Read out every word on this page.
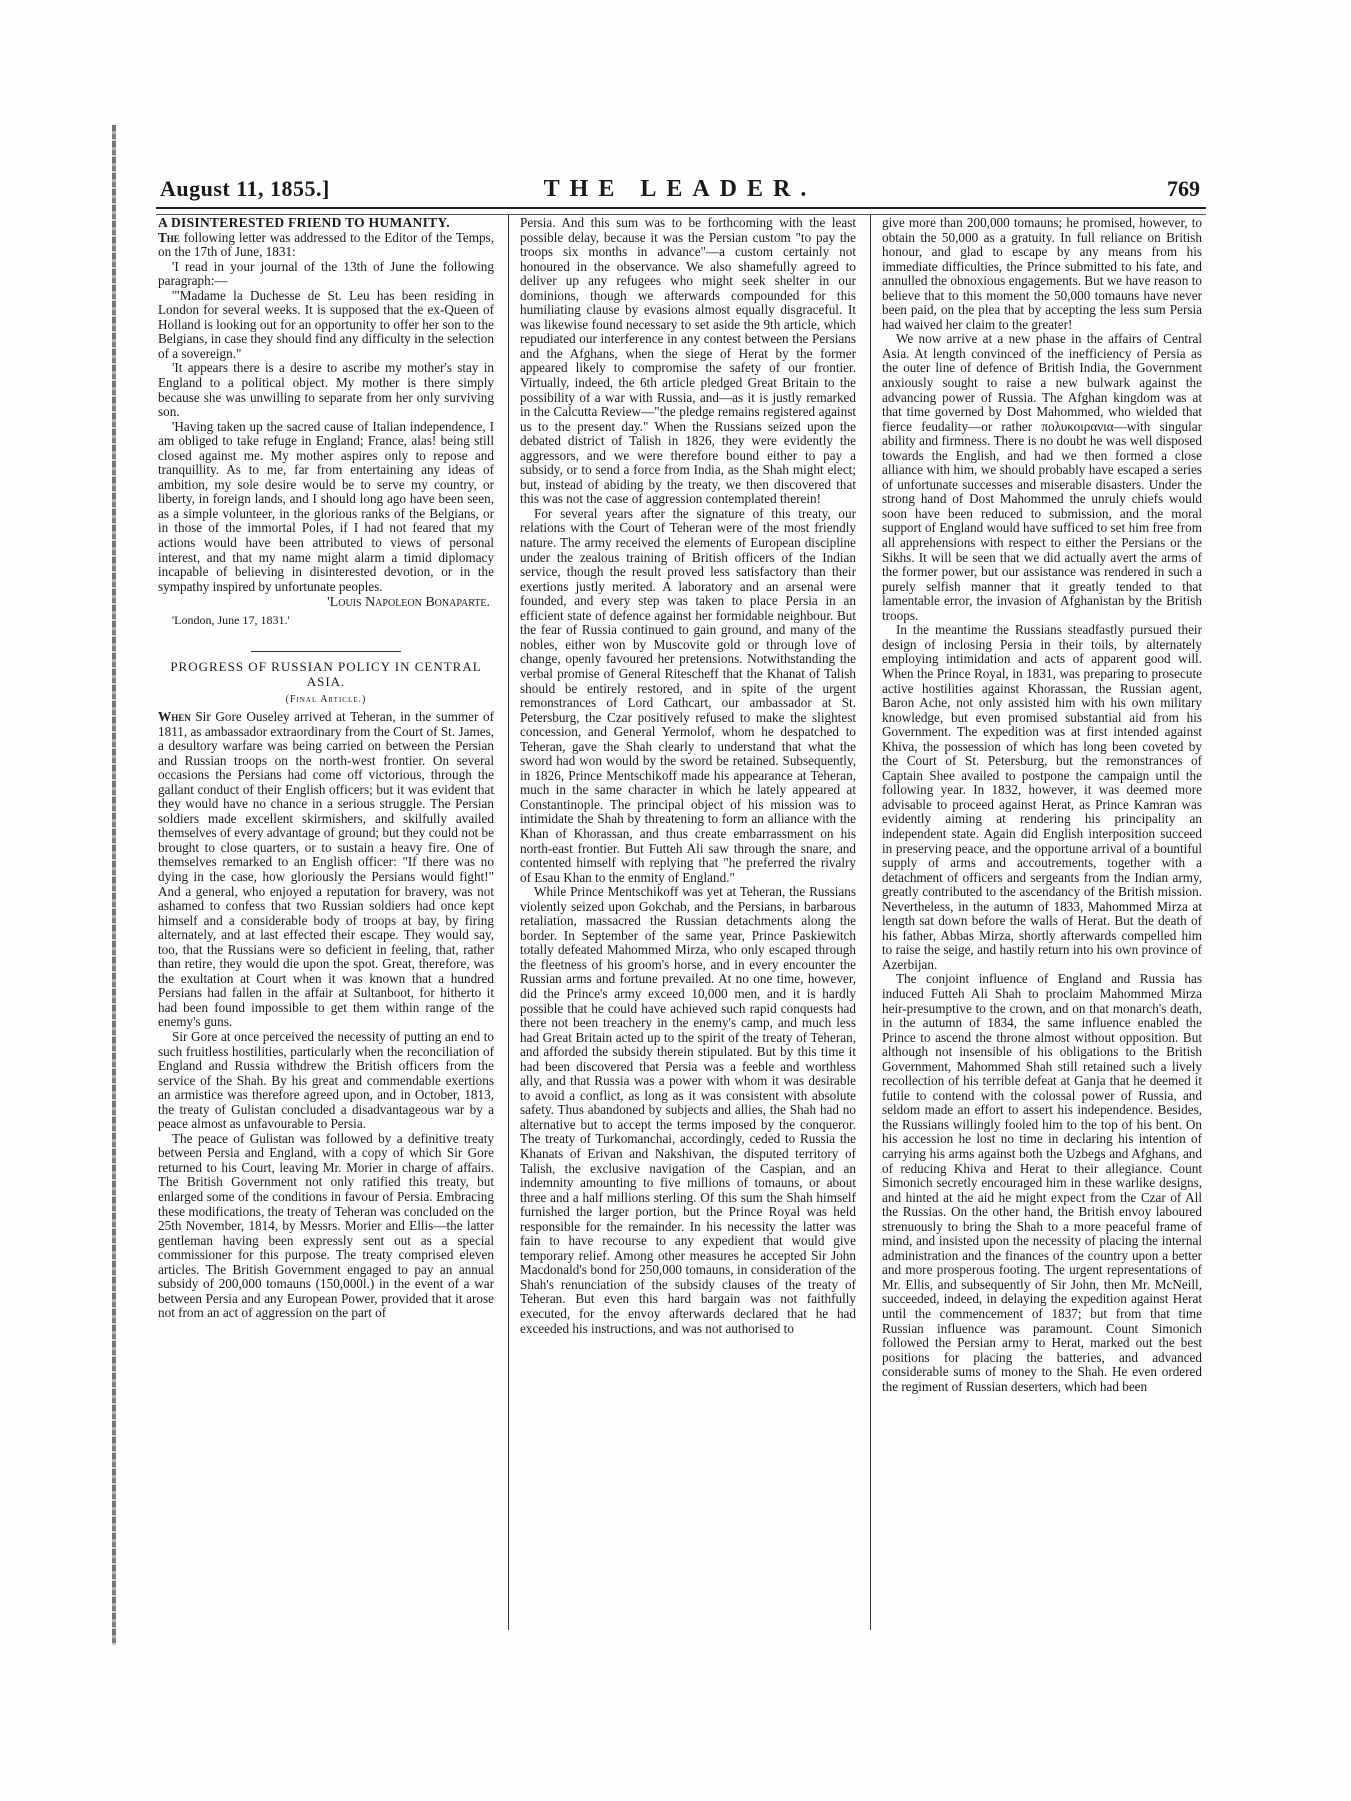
August 11, 1855.]	THE LEADER.	769

A DISINTERESTED FRIEND TO HUMANITY.

The following letter was addressed to the Editor of the Temps, on the 17th of June, 1831:

'I read in your journal of the 13th of June the following paragraph:—

'"Madame la Duchesse de St. Leu has been residing in London for several weeks. It is supposed that the ex-Queen of Holland is looking out for an opportunity to offer her son to the Belgians, in case they should find any difficulty in the selection of a sovereign."

'It appears there is a desire to ascribe my mother's stay in England to a political object. My mother is there simply because she was unwilling to separate from her only surviving son.

'Having taken up the sacred cause of Italian independence, I am obliged to take refuge in England; France, alas! being still closed against me. My mother aspires only to repose and tranquillity. As to me, far from entertaining any ideas of ambition, my sole desire would be to serve my country, or liberty, in foreign lands, and I should long ago have been seen, as a simple volunteer, in the glorious ranks of the Belgians, or in those of the immortal Poles, if I had not feared that my actions would have been attributed to views of personal interest, and that my name might alarm a timid diplomacy incapable of believing in disinterested devotion, or in the sympathy inspired by unfortunate peoples.

'Louis Napoleon Bonaparte.

'London, June 17, 1831.'

PROGRESS OF RUSSIAN POLICY IN CENTRAL ASIA.

(Final Article.)

When Sir Gore Ouseley arrived at Teheran, in the summer of 1811, as ambassador extraordinary from the Court of St. James, a desultory warfare was being carried on between the Persian and Russian troops on the north-west frontier. On several occasions the Persians had come off victorious, through the gallant conduct of their English officers; but it was evident that they would have no chance in a serious struggle. The Persian soldiers made excellent skirmishers, and skilfully availed themselves of every advantage of ground; but they could not be brought to close quarters, or to sustain a heavy fire. One of themselves remarked to an English officer: "If there was no dying in the case, how gloriously the Persians would fight!" And a general, who enjoyed a reputation for bravery, was not ashamed to confess that two Russian soldiers had once kept himself and a considerable body of troops at bay, by firing alternately, and at last effected their escape. They would say, too, that the Russians were so deficient in feeling, that, rather than retire, they would die upon the spot. Great, therefore, was the exultation at Court when it was known that a hundred Persians had fallen in the affair at Sultanboot, for hitherto it had been found impossible to get them within range of the enemy's guns.

Sir Gore at once perceived the necessity of putting an end to such fruitless hostilities, particularly when the reconciliation of England and Russia withdrew the British officers from the service of the Shah. By his great and commendable exertions an armistice was therefore agreed upon, and in October, 1813, the treaty of Gulistan concluded a disadvantageous war by a peace almost as unfavourable to Persia.

The peace of Gulistan was followed by a definitive treaty between Persia and England, with a copy of which Sir Gore returned to his Court, leaving Mr. Morier in charge of affairs. The British Government not only ratified this treaty, but enlarged some of the conditions in favour of Persia. Embracing these modifications, the treaty of Teheran was concluded on the 25th November, 1814, by Messrs. Morier and Ellis—the latter gentleman having been expressly sent out as a special commissioner for this purpose. The treaty comprised eleven articles. The British Government engaged to pay an annual subsidy of 200,000 tomauns (150,000l.) in the event of a war between Persia and any European Power, provided that it arose not from an act of aggression on the part of

Persia. And this sum was to be forthcoming with the least possible delay, because it was the Persian custom "to pay the troops six months in advance"—a custom certainly not honoured in the observance. We also shamefully agreed to deliver up any refugees who might seek shelter in our dominions, though we afterwards compounded for this humiliating clause by evasions almost equally disgraceful. It was likewise found necessary to set aside the 9th article, which repudiated our interference in any contest between the Persians and the Afghans, when the siege of Herat by the former appeared likely to compromise the safety of our frontier. Virtually, indeed, the 6th article pledged Great Britain to the possibility of a war with Russia, and—as it is justly remarked in the Calcutta Review—"the pledge remains registered against us to the present day." When the Russians seized upon the debated district of Talish in 1826, they were evidently the aggressors, and we were therefore bound either to pay a subsidy, or to send a force from India, as the Shah might elect; but, instead of abiding by the treaty, we then discovered that this was not the case of aggression contemplated therein!

For several years after the signature of this treaty, our relations with the Court of Teheran were of the most friendly nature. The army received the elements of European discipline under the zealous training of British officers of the Indian service, though the result proved less satisfactory than their exertions justly merited. A laboratory and an arsenal were founded, and every step was taken to place Persia in an efficient state of defence against her formidable neighbour. But the fear of Russia continued to gain ground, and many of the nobles, either won by Muscovite gold or through love of change, openly favoured her pretensions. Notwithstanding the verbal promise of General Ritescheff that the Khanat of Talish should be entirely restored, and in spite of the urgent remonstrances of Lord Cathcart, our ambassador at St. Petersburg, the Czar positively refused to make the slightest concession, and General Yermolof, whom he despatched to Teheran, gave the Shah clearly to understand that what the sword had won would by the sword be retained. Subsequently, in 1826, Prince Mentschikoff made his appearance at Teheran, much in the same character in which he lately appeared at Constantinople. The principal object of his mission was to intimidate the Shah by threatening to form an alliance with the Khan of Khorassan, and thus create embarrassment on his north-east frontier. But Futteh Ali saw through the snare, and contented himself with replying that "he preferred the rivalry of Esau Khan to the enmity of England."

While Prince Mentschikoff was yet at Teheran, the Russians violently seized upon Gokchab, and the Persians, in barbarous retaliation, massacred the Russian detachments along the border. In September of the same year, Prince Paskiewitch totally defeated Mahommed Mirza, who only escaped through the fleetness of his groom's horse, and in every encounter the Russian arms and fortune prevailed. At no one time, however, did the Prince's army exceed 10,000 men, and it is hardly possible that he could have achieved such rapid conquests had there not been treachery in the enemy's camp, and much less had Great Britain acted up to the spirit of the treaty of Teheran, and afforded the subsidy therein stipulated. But by this time it had been discovered that Persia was a feeble and worthless ally, and that Russia was a power with whom it was desirable to avoid a conflict, as long as it was consistent with absolute safety. Thus abandoned by subjects and allies, the Shah had no alternative but to accept the terms imposed by the conqueror. The treaty of Turkomanchai, accordingly, ceded to Russia the Khanats of Erivan and Nakshivan, the disputed territory of Talish, the exclusive navigation of the Caspian, and an indemnity amounting to five millions of tomauns, or about three and a half millions sterling. Of this sum the Shah himself furnished the larger portion, but the Prince Royal was held responsible for the remainder. In his necessity the latter was fain to have recourse to any expedient that would give temporary relief. Among other measures he accepted Sir John Macdonald's bond for 250,000 tomauns, in consideration of the Shah's renunciation of the subsidy clauses of the treaty of Teheran. But even this hard bargain was not faithfully executed, for the envoy afterwards declared that he had exceeded his instructions, and was not authorised to

give more than 200,000 tomauns; he promised, however, to obtain the 50,000 as a gratuity. In full reliance on British honour, and glad to escape by any means from his immediate difficulties, the Prince submitted to his fate, and annulled the obnoxious engagements. But we have reason to believe that to this moment the 50,000 tomauns have never been paid, on the plea that by accepting the less sum Persia had waived her claim to the greater!

We now arrive at a new phase in the affairs of Central Asia. At length convinced of the inefficiency of Persia as the outer line of defence of British India, the Government anxiously sought to raise a new bulwark against the advancing power of Russia. The Afghan kingdom was at that time governed by Dost Mahommed, who wielded that fierce feudality—or rather πολυκοιρανια—with singular ability and firmness. There is no doubt he was well disposed towards the English, and had we then formed a close alliance with him, we should probably have escaped a series of unfortunate successes and miserable disasters. Under the strong hand of Dost Mahommed the unruly chiefs would soon have been reduced to submission, and the moral support of England would have sufficed to set him free from all apprehensions with respect to either the Persians or the Sikhs. It will be seen that we did actually avert the arms of the former power, but our assistance was rendered in such a purely selfish manner that it greatly tended to that lamentable error, the invasion of Afghanistan by the British troops.

In the meantime the Russians steadfastly pursued their design of inclosing Persia in their toils, by alternately employing intimidation and acts of apparent good will. When the Prince Royal, in 1831, was preparing to prosecute active hostilities against Khorassan, the Russian agent, Baron Ache, not only assisted him with his own military knowledge, but even promised substantial aid from his Government. The expedition was at first intended against Khiva, the possession of which has long been coveted by the Court of St. Petersburg, but the remonstrances of Captain Shee availed to postpone the campaign until the following year. In 1832, however, it was deemed more advisable to proceed against Herat, as Prince Kamran was evidently aiming at rendering his principality an independent state. Again did English interposition succeed in preserving peace, and the opportune arrival of a bountiful supply of arms and accoutrements, together with a detachment of officers and sergeants from the Indian army, greatly contributed to the ascendancy of the British mission. Nevertheless, in the autumn of 1833, Mahommed Mirza at length sat down before the walls of Herat. But the death of his father, Abbas Mirza, shortly afterwards compelled him to raise the seige, and hastily return into his own province of Azerbijan.

The conjoint influence of England and Russia has induced Futteh Ali Shah to proclaim Mahommed Mirza heir-presumptive to the crown, and on that monarch's death, in the autumn of 1834, the same influence enabled the Prince to ascend the throne almost without opposition. But although not insensible of his obligations to the British Government, Mahommed Shah still retained such a lively recollection of his terrible defeat at Ganja that he deemed it futile to contend with the colossal power of Russia, and seldom made an effort to assert his independence. Besides, the Russians willingly fooled him to the top of his bent. On his accession he lost no time in declaring his intention of carrying his arms against both the Uzbegs and Afghans, and of reducing Khiva and Herat to their allegiance. Count Simonich secretly encouraged him in these warlike designs, and hinted at the aid he might expect from the Czar of All the Russias. On the other hand, the British envoy laboured strenuously to bring the Shah to a more peaceful frame of mind, and insisted upon the necessity of placing the internal administration and the finances of the country upon a better and more prosperous footing. The urgent representations of Mr. Ellis, and subsequently of Sir John, then Mr. McNeill, succeeded, indeed, in delaying the expedition against Herat until the commencement of 1837; but from that time Russian influence was paramount. Count Simonich followed the Persian army to Herat, marked out the best positions for placing the batteries, and advanced considerable sums of money to the Shah. He even ordered the regiment of Russian deserters, which had been
